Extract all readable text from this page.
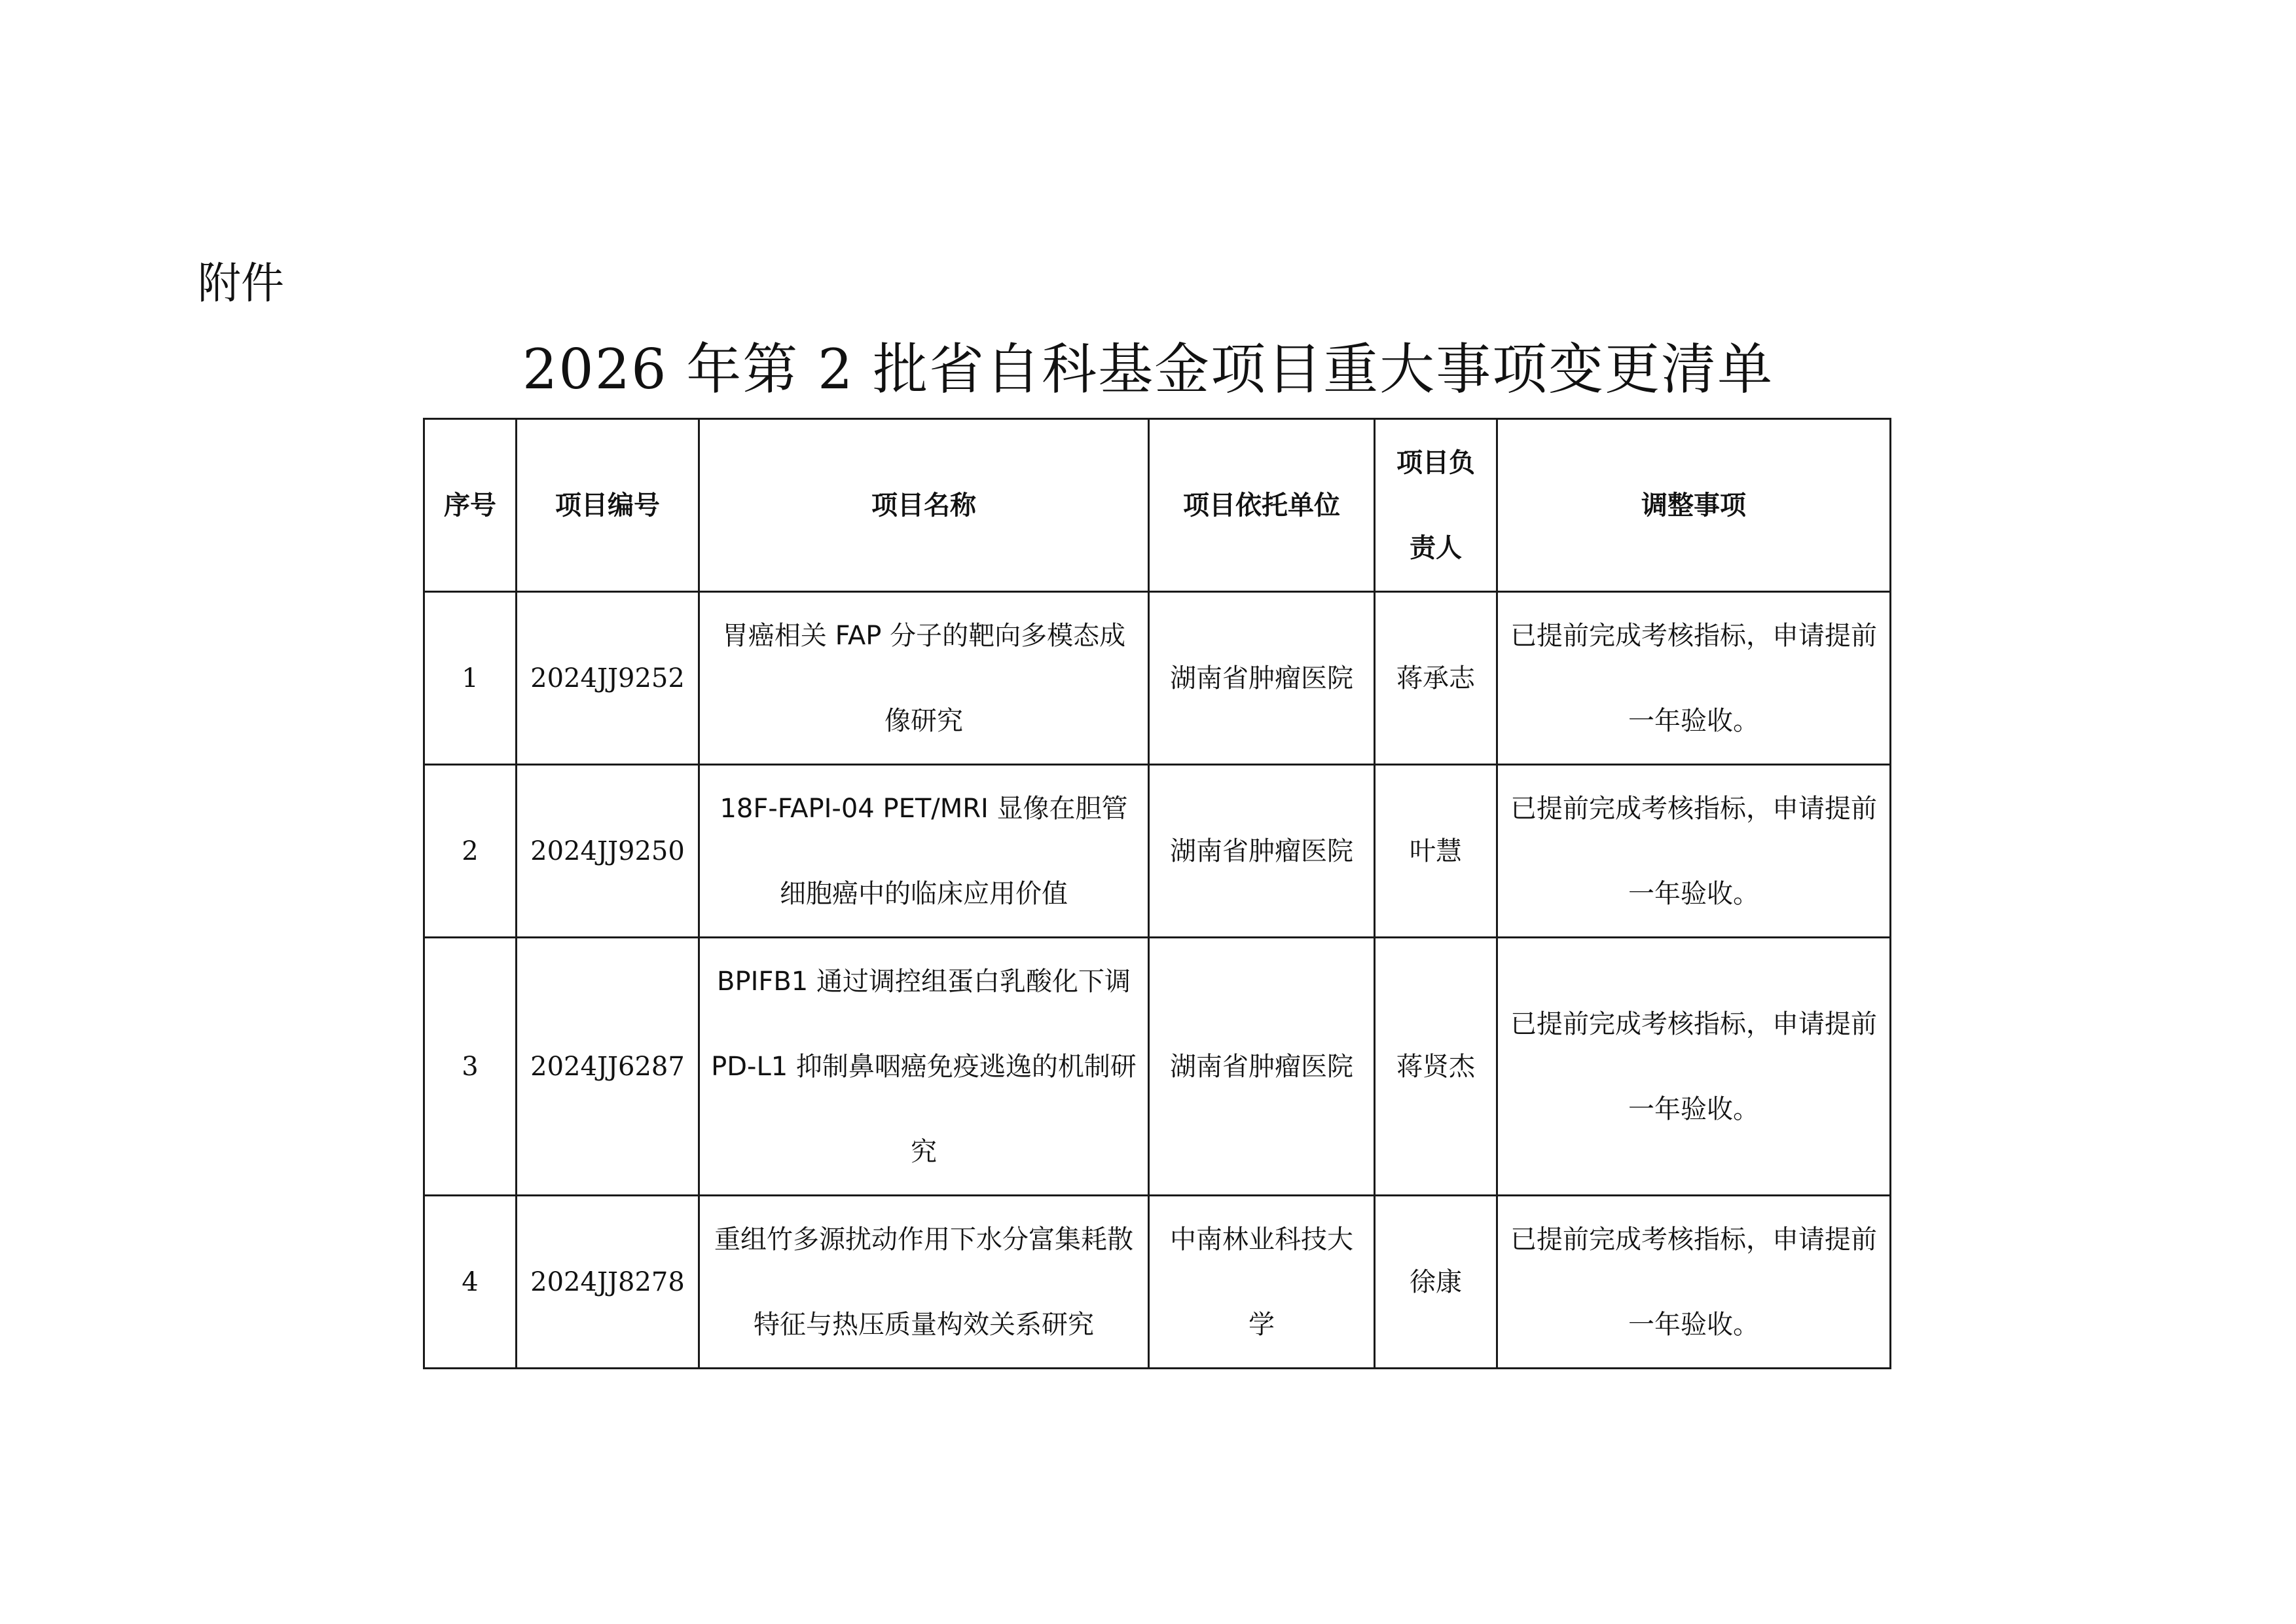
附件
2026 年第 2 批省自科基金项目重大事项变更清单
序号	项目编号	项目名称	项目依托单位	项目负责人	调整事项
1	2024JJ9252	胃癌相关 FAP 分子的靶向多模态成像研究	湖南省肿瘤医院	蒋承志	已提前完成考核指标，申请提前一年验收。
2	2024JJ9250	18F-FAPI-04 PET/MRI 显像在胆管细胞癌中的临床应用价值	湖南省肿瘤医院	叶慧	已提前完成考核指标，申请提前一年验收。
3	2024JJ6287	BPIFB1 通过调控组蛋白乳酸化下调 PD-L1 抑制鼻咽癌免疫逃逸的机制研究	湖南省肿瘤医院	蒋贤杰	已提前完成考核指标，申请提前一年验收。
4	2024JJ8278	重组竹多源扰动作用下水分富集耗散特征与热压质量构效关系研究	中南林业科技大学	徐康	已提前完成考核指标，申请提前一年验收。
